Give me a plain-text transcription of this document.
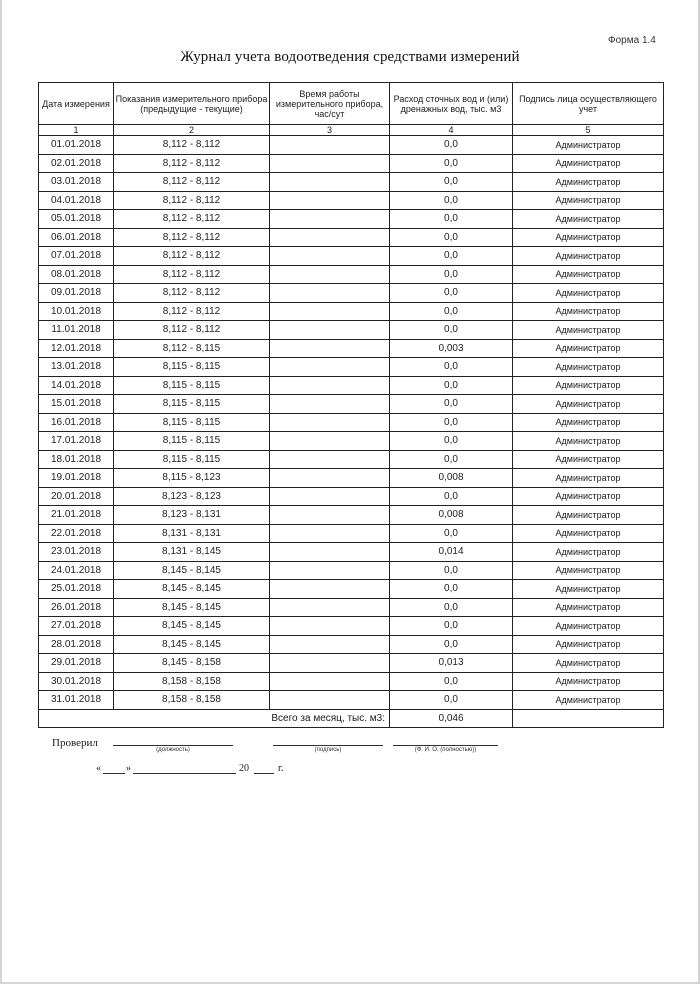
Форма 1.4
Журнал учета водоотведения средствами измерений
Дата измерения	Показания измерительного прибора (предыдущие - текущие)	Время работы измерительного прибора, час/сут	Расход сточных вод и (или) дренажных вод, тыс. м3	Подпись лица осуществляющего учет
1	2	3	4	5
01.01.2018	8,112 - 8,112		0,0	Администратор
02.01.2018	8,112 - 8,112		0,0	Администратор
03.01.2018	8,112 - 8,112		0,0	Администратор
04.01.2018	8,112 - 8,112		0,0	Администратор
05.01.2018	8,112 - 8,112		0,0	Администратор
06.01.2018	8,112 - 8,112		0,0	Администратор
07.01.2018	8,112 - 8,112		0,0	Администратор
08.01.2018	8,112 - 8,112		0,0	Администратор
09.01.2018	8,112 - 8,112		0,0	Администратор
10.01.2018	8,112 - 8,112		0,0	Администратор
11.01.2018	8,112 - 8,112		0,0	Администратор
12.01.2018	8,112 - 8,115		0,003	Администратор
13.01.2018	8,115 - 8,115		0,0	Администратор
14.01.2018	8,115 - 8,115		0,0	Администратор
15.01.2018	8,115 - 8,115		0,0	Администратор
16.01.2018	8,115 - 8,115		0,0	Администратор
17.01.2018	8,115 - 8,115		0,0	Администратор
18.01.2018	8,115 - 8,115		0,0	Администратор
19.01.2018	8,115 - 8,123		0,008	Администратор
20.01.2018	8,123 - 8,123		0,0	Администратор
21.01.2018	8,123 - 8,131		0,008	Администратор
22.01.2018	8,131 - 8,131		0,0	Администратор
23.01.2018	8,131 - 8,145		0,014	Администратор
24.01.2018	8,145 - 8,145		0,0	Администратор
25.01.2018	8,145 - 8,145		0,0	Администратор
26.01.2018	8,145 - 8,145		0,0	Администратор
27.01.2018	8,145 - 8,145		0,0	Администратор
28.01.2018	8,145 - 8,145		0,0	Администратор
29.01.2018	8,145 - 8,158		0,013	Администратор
30.01.2018	8,158 - 8,158		0,0	Администратор
31.01.2018	8,158 - 8,158		0,0	Администратор
Всего за месяц, тыс. м3:			0,046	
Проверил
(должность)	(подпись)	(Ф. И. О. (полностью))
«	»	20	г.
